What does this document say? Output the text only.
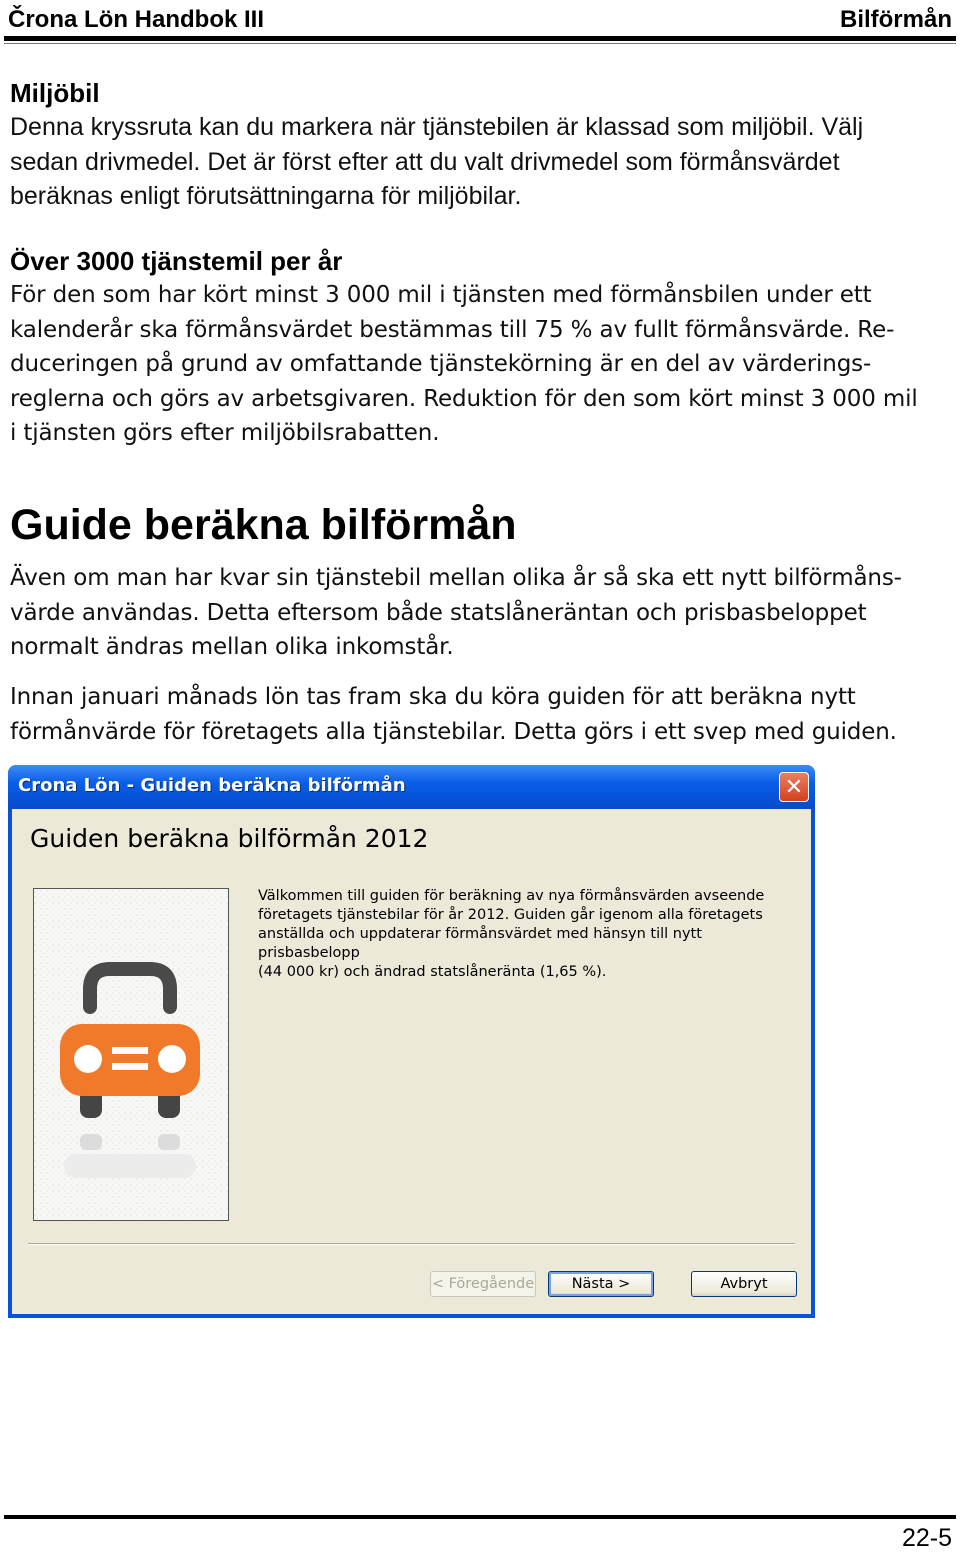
Črona Lön Handbok III	Bilförmån
Miljöbil

Denna kryssruta kan du markera när tjänstebilen är klassad som miljöbil. Välj

sedan drivmedel. Det är först efter att du valt drivmedel som förmånsvärdet

beräknas enligt förutsättningarna för miljöbilar.

Över 3000 tjänstemil per år

För den som har kört minst 3 000 mil i tjänsten med förmånsbilen under ett

kalenderår ska förmånsvärdet bestämmas till 75 % av fullt förmånsvärde. Re-

duceringen på grund av omfattande tjänstekörning är en del av värderings-

reglerna och görs av arbetsgivaren. Reduktion för den som kört minst 3 000 mil

i tjänsten görs efter miljöbilsrabatten.

Guide beräkna bilförmån

Även om man har kvar sin tjänstebil mellan olika år så ska ett nytt bilförmåns-

värde användas. Detta eftersom både statslåneräntan och prisbasbeloppet

normalt ändras mellan olika inkomstår.

Innan januari månads lön tas fram ska du köra guiden för att beräkna nytt

förmånvärde för företagets alla tjänstebilar. Detta görs i ett svep med guiden.

Crona Lön - Guiden beräkna bilförmån	✕
Guiden beräkna bilförmån 2012
Välkommen till guiden för beräkning av nya förmånsvärden avseende
företagets tjänstebilar för år 2012. Guiden går igenom alla företagets
anställda och uppdaterar förmånsvärdet med hänsyn till nytt prisbasbelopp
(44 000 kr) och ändrad statslåneränta (1,65 %).
< Föregående	Nästa >	Avbryt
22-5
